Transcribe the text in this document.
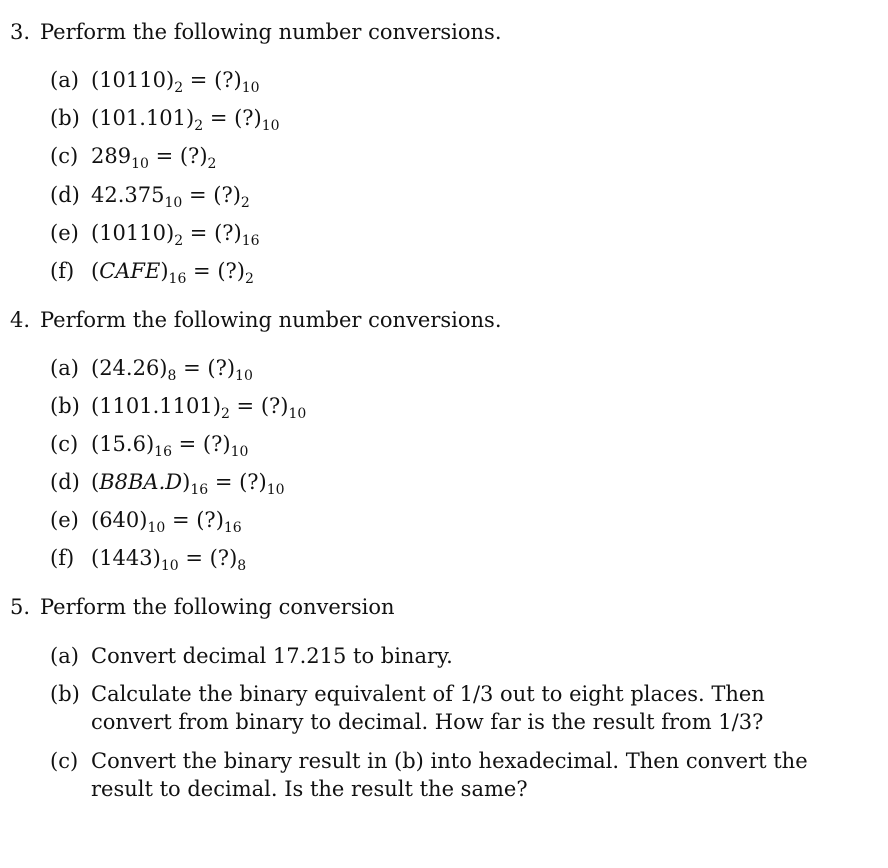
3. Perform the following number conversions.
(a) $(10110)_2$ = $(?)_{10}$
(b) $(101.101)_2$ = $(?)_{10}$
(c) $289_{10}$ = $(?)_2$
(d) $42.375_{10}$ = $(?)_2$
(e) $(10110)_2$ = $(?)_{16}$
(f) $(CAFE)_{16}$ = $(?)_2$
4. Perform the following number conversions.
(a) $(24.26)_8$ = $(?)_{10}$
(b) $(1101.1101)_2$ = $(?)_{10}$
(c) $(15.6)_{16}$ = $(?)_{10}$
(d) $(B8BA.D)_{16}$ = $(?)_{10}$
(e) $(640)_{10}$ = $(?)_{16}$
(f) $(1443)_{10}$ = $(?)_8$
5. Perform the following conversion
(a) Convert decimal 17.215 to binary.
(b) Calculate the binary equivalent of 1/3 out to eight places. Then convert from binary to decimal. How far is the result from 1/3?
(c) Convert the binary result in (b) into hexadecimal. Then convert the result to decimal. Is the result the same?
